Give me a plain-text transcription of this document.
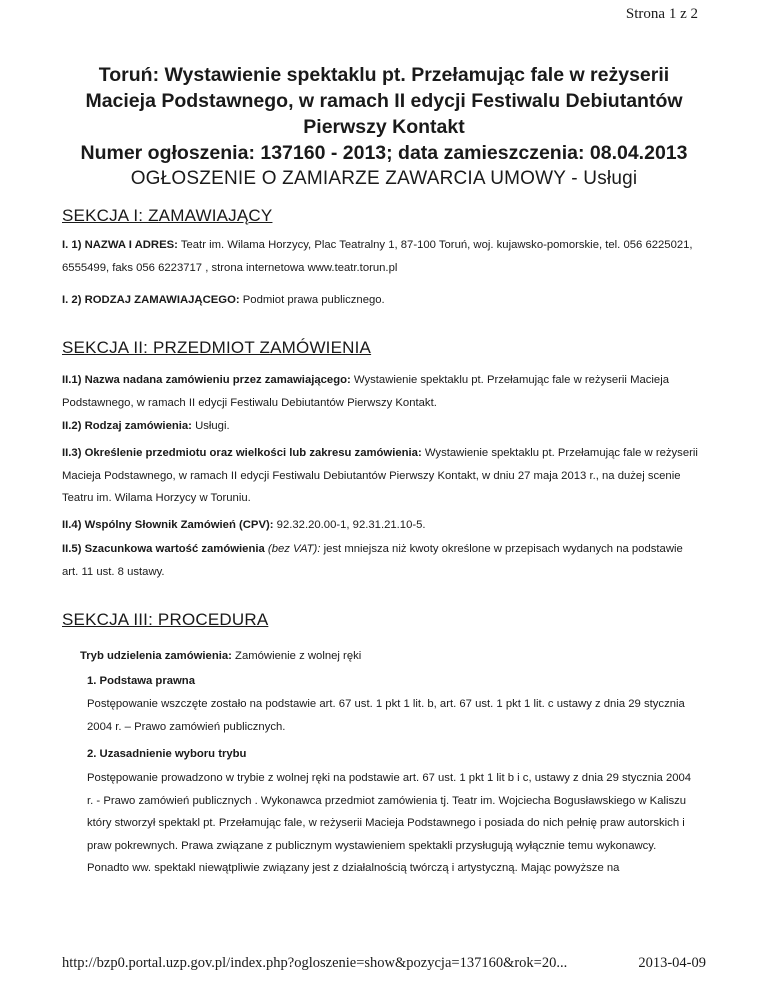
Strona 1 z 2

Toruń: Wystawienie spektaklu pt. Przełamując fale w reżyserii

Macieja Podstawnego, w ramach II edycji Festiwalu Debiutantów

Pierwszy Kontakt

Numer ogłoszenia: 137160 - 2013; data zamieszczenia: 08.04.2013

OGŁOSZENIE O ZAMIARZE ZAWARCIA UMOWY - Usługi

SEKCJA I: ZAMAWIAJĄCY
I. 1) NAZWA I ADRES: Teatr im. Wilama Horzycy, Plac Teatralny 1, 87-100 Toruń, woj. kujawsko-pomorskie, tel. 056 6225021, 6555499, faks 056 6223717 , strona internetowa www.teatr.torun.pl
I. 2) RODZAJ ZAMAWIAJĄCEGO: Podmiot prawa publicznego.
SEKCJA II: PRZEDMIOT ZAMÓWIENIA
II.1) Nazwa nadana zamówieniu przez zamawiającego: Wystawienie spektaklu pt. Przełamując fale w reżyserii Macieja Podstawnego, w ramach II edycji Festiwalu Debiutantów Pierwszy Kontakt.
II.2) Rodzaj zamówienia: Usługi.
II.3) Określenie przedmiotu oraz wielkości lub zakresu zamówienia: Wystawienie spektaklu pt. Przełamując fale w reżyserii Macieja Podstawnego, w ramach II edycji Festiwalu Debiutantów Pierwszy Kontakt, w dniu 27 maja 2013 r., na dużej scenie Teatru im. Wilama Horzycy w Toruniu.
II.4) Wspólny Słownik Zamówień (CPV): 92.32.20.00-1, 92.31.21.10-5.
II.5) Szacunkowa wartość zamówienia (bez VAT): jest mniejsza niż kwoty określone w przepisach wydanych na podstawie art. 11 ust. 8 ustawy.
SEKCJA III: PROCEDURA
Tryb udzielenia zamówienia: Zamówienie z wolnej ręki
1. Podstawa prawna
Postępowanie wszczęte zostało na podstawie art. 67 ust. 1 pkt 1 lit. b, art. 67 ust. 1 pkt 1 lit. c ustawy z dnia 29 stycznia 2004 r. – Prawo zamówień publicznych.
2. Uzasadnienie wyboru trybu
Postępowanie prowadzono w trybie z wolnej ręki na podstawie art. 67 ust. 1 pkt 1 lit b i c, ustawy z dnia 29 stycznia 2004 r. - Prawo zamówień publicznych . Wykonawca przedmiot zamówienia tj. Teatr im. Wojciecha Bogusławskiego w Kaliszu który stworzył spektakl pt. Przełamując fale, w reżyserii Macieja Podstawnego i posiada do nich pełnię praw autorskich i praw pokrewnych. Prawa związane z publicznym wystawieniem spektakli przysługują wyłącznie temu wykonawcy. Ponadto ww. spektakl niewątpliwie związany jest z działalnością twórczą i artystyczną. Mając powyższe na
http://bzp0.portal.uzp.gov.pl/index.php?ogloszenie=show&pozycja=137160&rok=20...	2013-04-09
